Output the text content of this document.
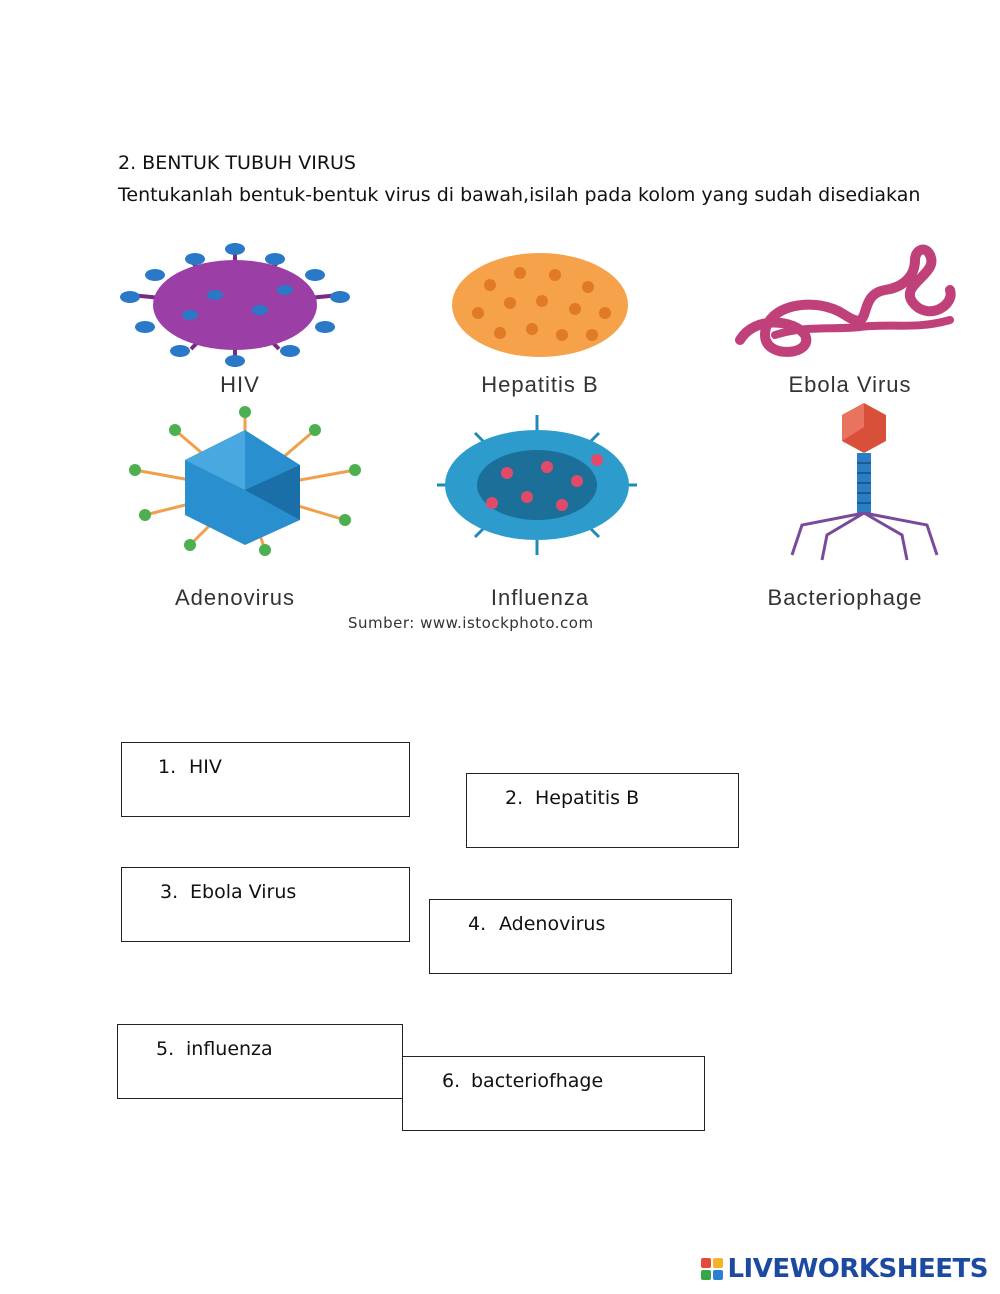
2. BENTUK TUBUH VIRUS
Tentukanlah bentuk-bentuk virus di bawah,isilah pada kolom yang sudah disediakan
HIV	Hepatitis B	Ebola Virus
Adenovirus	Influenza	Bacteriophage
Sumber: www.istockphoto.com
1. HIV
2. Hepatitis B
3. Ebola Virus
4. Adenovirus
5. influenza
6. bacteriofhage
LIVEWORKSHEETS
